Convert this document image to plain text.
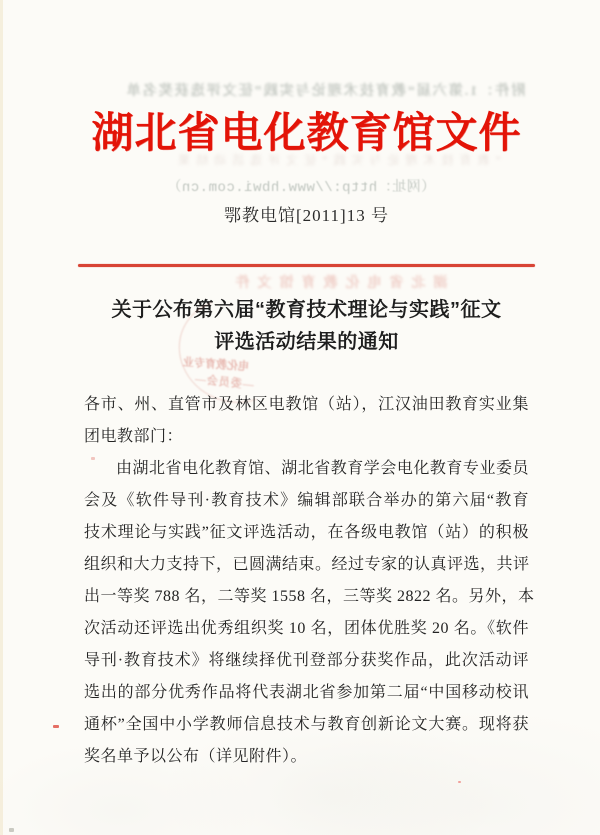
附件：1.第六届“教育技术理论与实践”征文评选获奖名单
湖北省电化教育馆文件
“教育技术理论与实践”征文评选活动结果
（网址：http://www.hbwi.com.cn）
鄂教电馆[2011]13 号
湖北省电化教育馆文件
关于公布第六届“教育技术理论与实践”征文
评选活动结果的通知
电化教育专业
—委员会—
各市、州、直管市及林区电教馆（站），江汉油田教育实业集
团电教部门：
由湖北省电化教育馆、湖北省教育学会电化教育专业委员
会及《软件导刊·教育技术》编辑部联合举办的第六届“教育
技术理论与实践”征文评选活动，在各级电教馆（站）的积极
组织和大力支持下，已圆满结束。经过专家的认真评选，共评
出一等奖 788 名，二等奖 1558 名，三等奖 2822 名。另外，本
次活动还评选出优秀组织奖 10 名，团体优胜奖 20 名。《软件
导刊·教育技术》将继续择优刊登部分获奖作品，此次活动评
选出的部分优秀作品将代表湖北省参加第二届“中国移动校讯
通杯”全国中小学教师信息技术与教育创新论文大赛。现将获
奖名单予以公布（详见附件）。
